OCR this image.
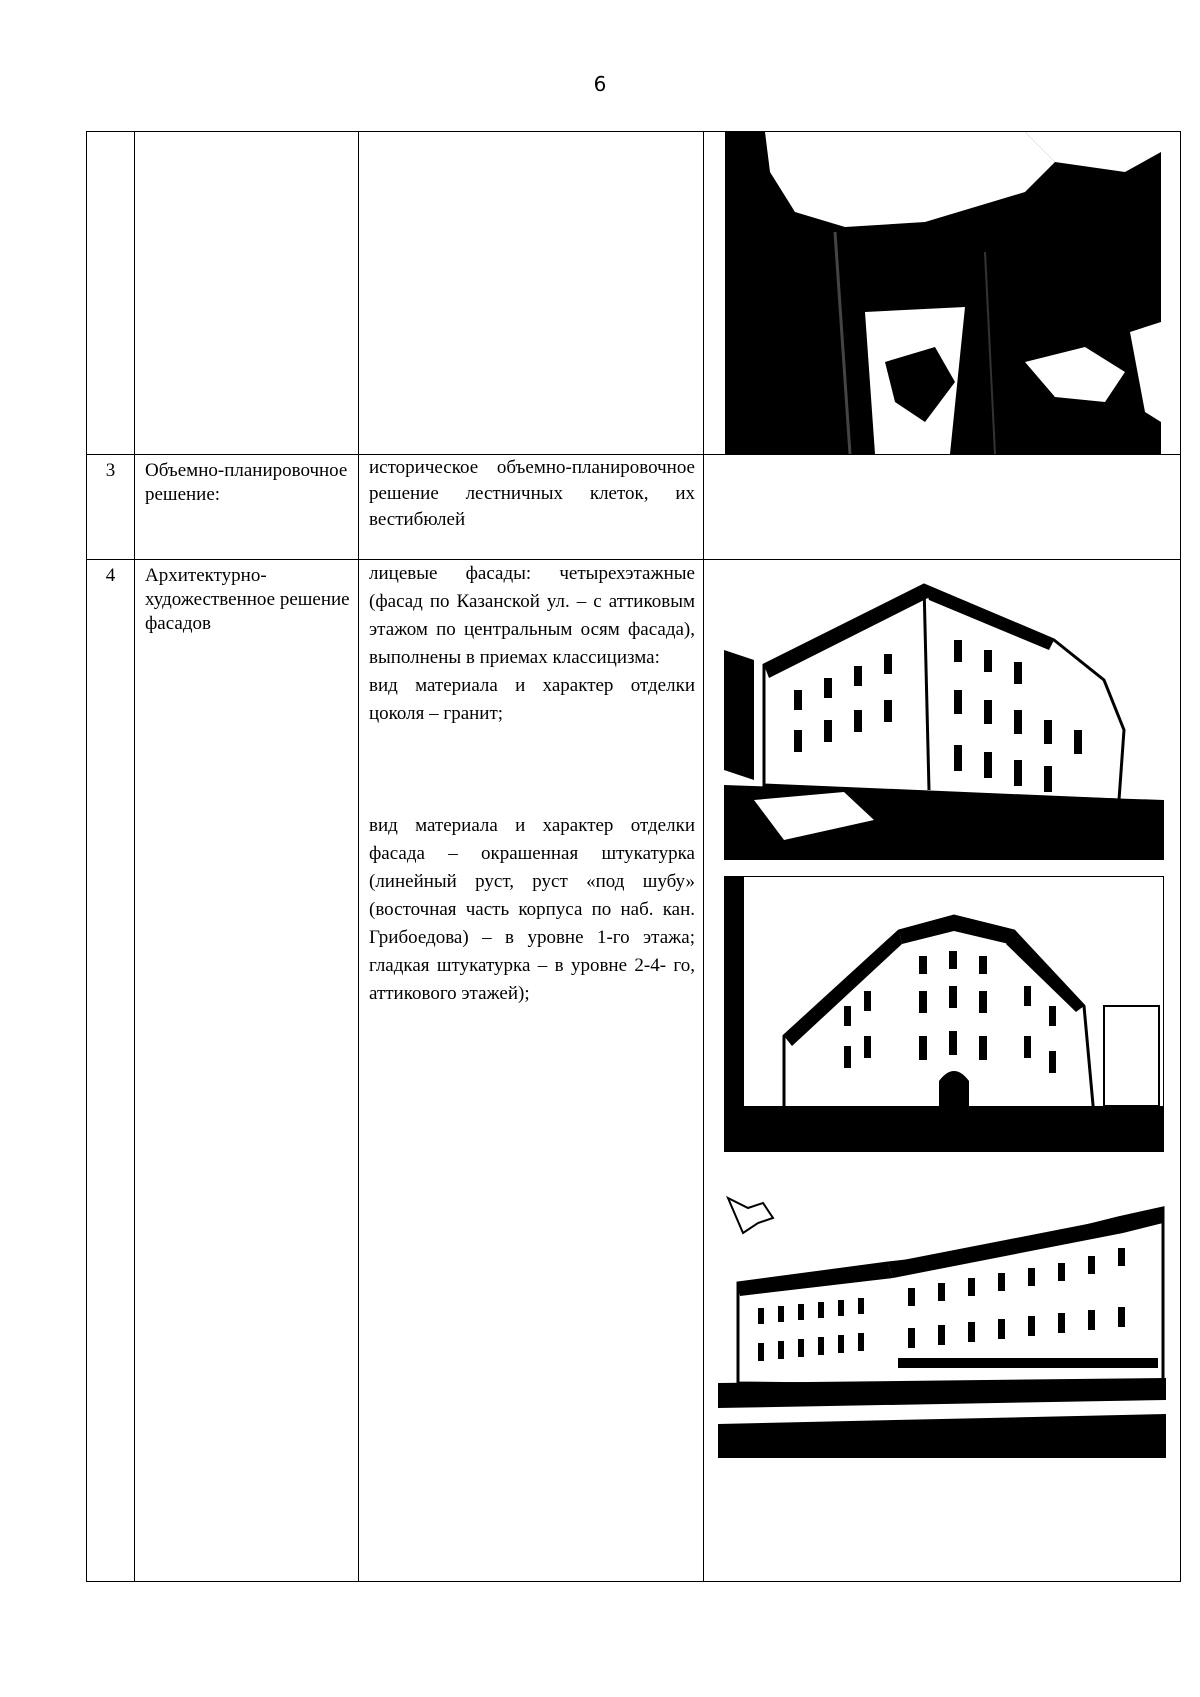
6

3	Объемно-планировочное решение:	историческое объемно-планировочное решение лестничных клеток, их вестибюлей	

4	Архитектурно-художественное решение фасадов	лицевые фасады: четырехэтажные (фасад по Казанской ул. – с аттиковым этажом по центральным осям фасада), выполнены в приемах классицизма:

вид материала и характер отделки цоколя – гранит;

вид материала и характер отделки фасада – окрашенная штукатурка (линейный руст, руст «под шубу» (восточная часть корпуса по наб. кан. Грибоедова) – в уровне 1-го этажа; гладкая штукатурка – в уровне 2-4- го, аттикового этажей);
